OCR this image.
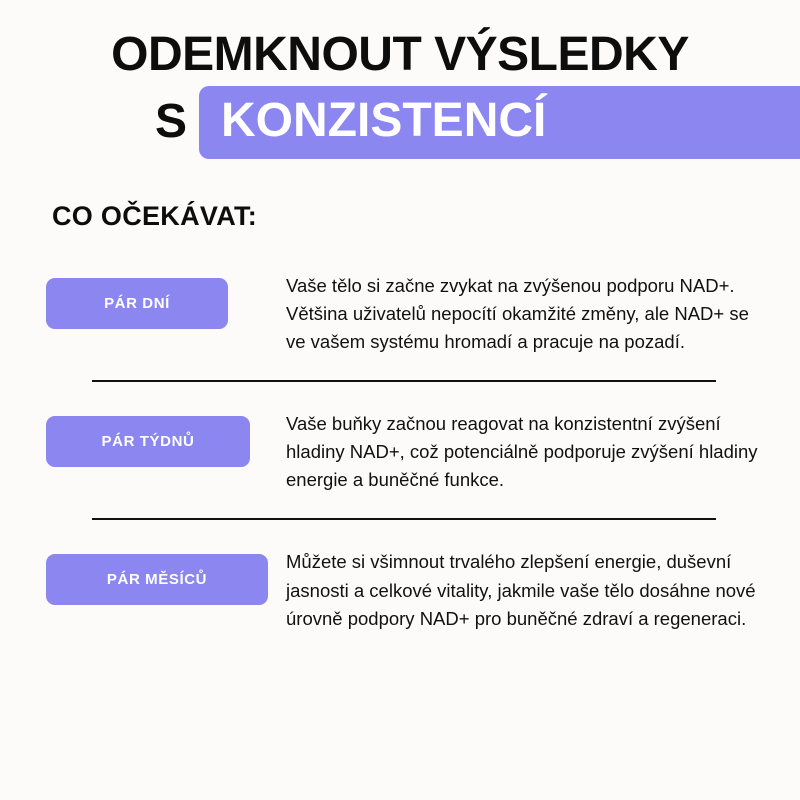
ODEMKNOUT VÝSLEDKY
S KONZISTENCÍ
CO OČEKÁVAT:
PÁR DNÍ
Vaše tělo si začne zvykat na zvýšenou podporu NAD+. Většina uživatelů nepocítí okamžité změny, ale NAD+ se ve vašem systému hromadí a pracuje na pozadí.
PÁR TÝDNŮ
Vaše buňky začnou reagovat na konzistentní zvýšení hladiny NAD+, což potenciálně podporuje zvýšení hladiny energie a buněčné funkce.
PÁR MĚSÍCŮ
Můžete si všimnout trvalého zlepšení energie, duševní jasnosti a celkové vitality, jakmile vaše tělo dosáhne nové úrovně podpory NAD+ pro buněčné zdraví a regeneraci.
